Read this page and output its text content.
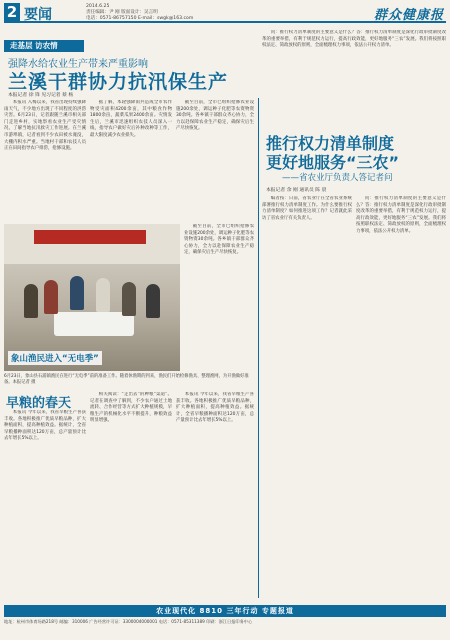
2 要闻
2014.6.25
责任编辑：尹 刚 版面设计：吴言明
电话：0571-86757150 E-mail：swgk@163.com	群众健康报
走基层 访农情
强降水给农业生产带来严重影响
兰溪干群协力抗汛保生产
本报记者 徐 锋 见习记者 蔡 杨

本报讯 入梅以来，我省出现持续强降雨天气，不少地方出现了不同程度的洪涝灾害。6月23日，记者跟随兰溪市相关部门走进乡村，实地察看农业生产受灾情况，了解当地抗汛救灾工作进展。在兰溪市游埠镇，记者看到不少农田被水淹没，大棚内积水严重。当地村干部和农技人员正在田间指导农户排涝，抢修设施。

据了解，本轮强降雨共造成全市农作物受灾面积4200余亩，其中粮食作物1800余亩，蔬菜瓜果2400余亩。灾情发生后，兰溪市迅速组织农技人员深入一线，指导农户做好灾后补种改种等工作，最大限度减少农业损失。

截至目前，全市已组织抢修农业设施200余处，调运种子化肥等农资物资30余吨。各乡镇干部群众齐心协力，全力以赴保障农业生产稳定，确保灾后生产尽快恢复。

象山渔民进入“无电季”

截至目前，全市已组织抢修农业设施200余处，调运种子化肥等农资物资30余吨。各乡镇干部群众齐心协力，全力以赴保障农业生产稳定，确保灾后生产尽快恢复。

6月23日，象山县石浦镇渔民在进行“无电季”前的准备工作。随着休渔期的到来，渔民们开始检修渔具、整理渔网，为开渔做好准备。本报记者 摄
早粮的春天

本报讯 今年以来，我省早粮生产喜获丰收。各地积极推广优质早粮品种，扩大种植面积，提高种植效益。据统计，全省早粮播种面积达120万亩，总产量预计比去年增长5%以上。

相关阅读：“走出去”的种粮“渠道”。记者在调查中了解到，不少农户通过土地流转、合作经营等方式扩大种植规模，早粮生产的机械化水平不断提升，种粮效益明显增强。

本报讯 今年以来，我省早粮生产喜获丰收。各地积极推广优质早粮品种，扩大种植面积，提高种植效益。据统计，全省早粮播种面积达120万亩，总产量预计比去年增长5%以上。

问：推行权力清单制度的主要意义是什么？答：推行权力清单制度是深化行政审批制度改革的重要举措，有利于规范权力运行，提高行政效能，更好地服务“三农”发展。我们将按照职权法定、简政放权的原则，全面梳理权力事项，依法公开权力清单。

推行权力清单制度
更好地服务“三农”
——省农业厅负责人答记者问
本报记者 余 刚 通讯员 陈 晨

编者按：日前，省农业厅在全省农业系统部署推行权力清单制度工作。为什么要推行权力清单制度？如何推进这项工作？记者就此采访了省农业厅有关负责人。

问：推行权力清单制度的主要意义是什么？答：推行权力清单制度是深化行政审批制度改革的重要举措，有利于规范权力运行，提高行政效能，更好地服务“三农”发展。我们将按照职权法定、简政放权的原则，全面梳理权力事项，依法公开权力清单。

农业现代化 8810 三年行动 专题报道
地址：杭州市体育场路218号 邮编：310006 广告经营许可证：3300004000001 电话：0571-85311389 印刷：浙江日报印务中心
